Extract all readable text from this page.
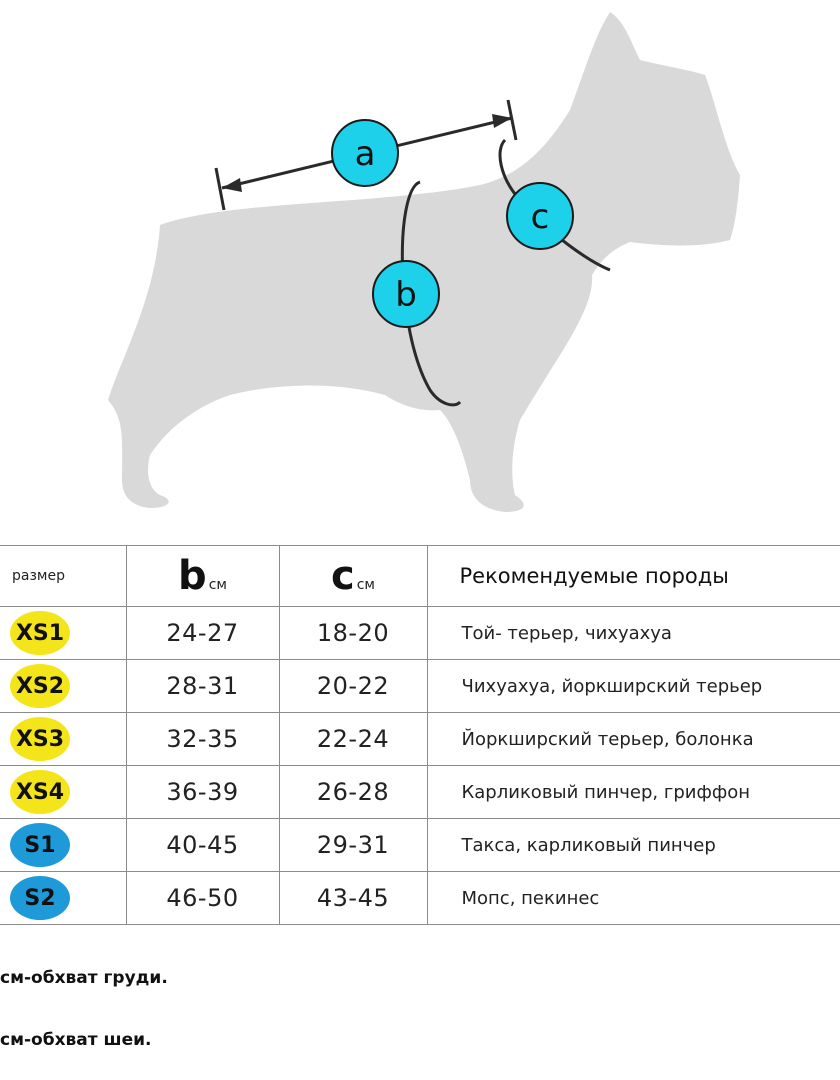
a
b
c
размер	b см	c см	Рекомендуемые породы
XS1	24-27	18-20	Той- терьер, чихуахуа
XS2	28-31	20-22	Чихуахуа, йоркширский терьер
XS3	32-35	22-24	Йоркширский терьер, болонка
XS4	36-39	26-28	Карликовый пинчер, гриффон
S1	40-45	29-31	Такса, карликовый пинчер
S2	46-50	43-45	Мопс, пекинес
см-обхват груди.
см-обхват шеи.
